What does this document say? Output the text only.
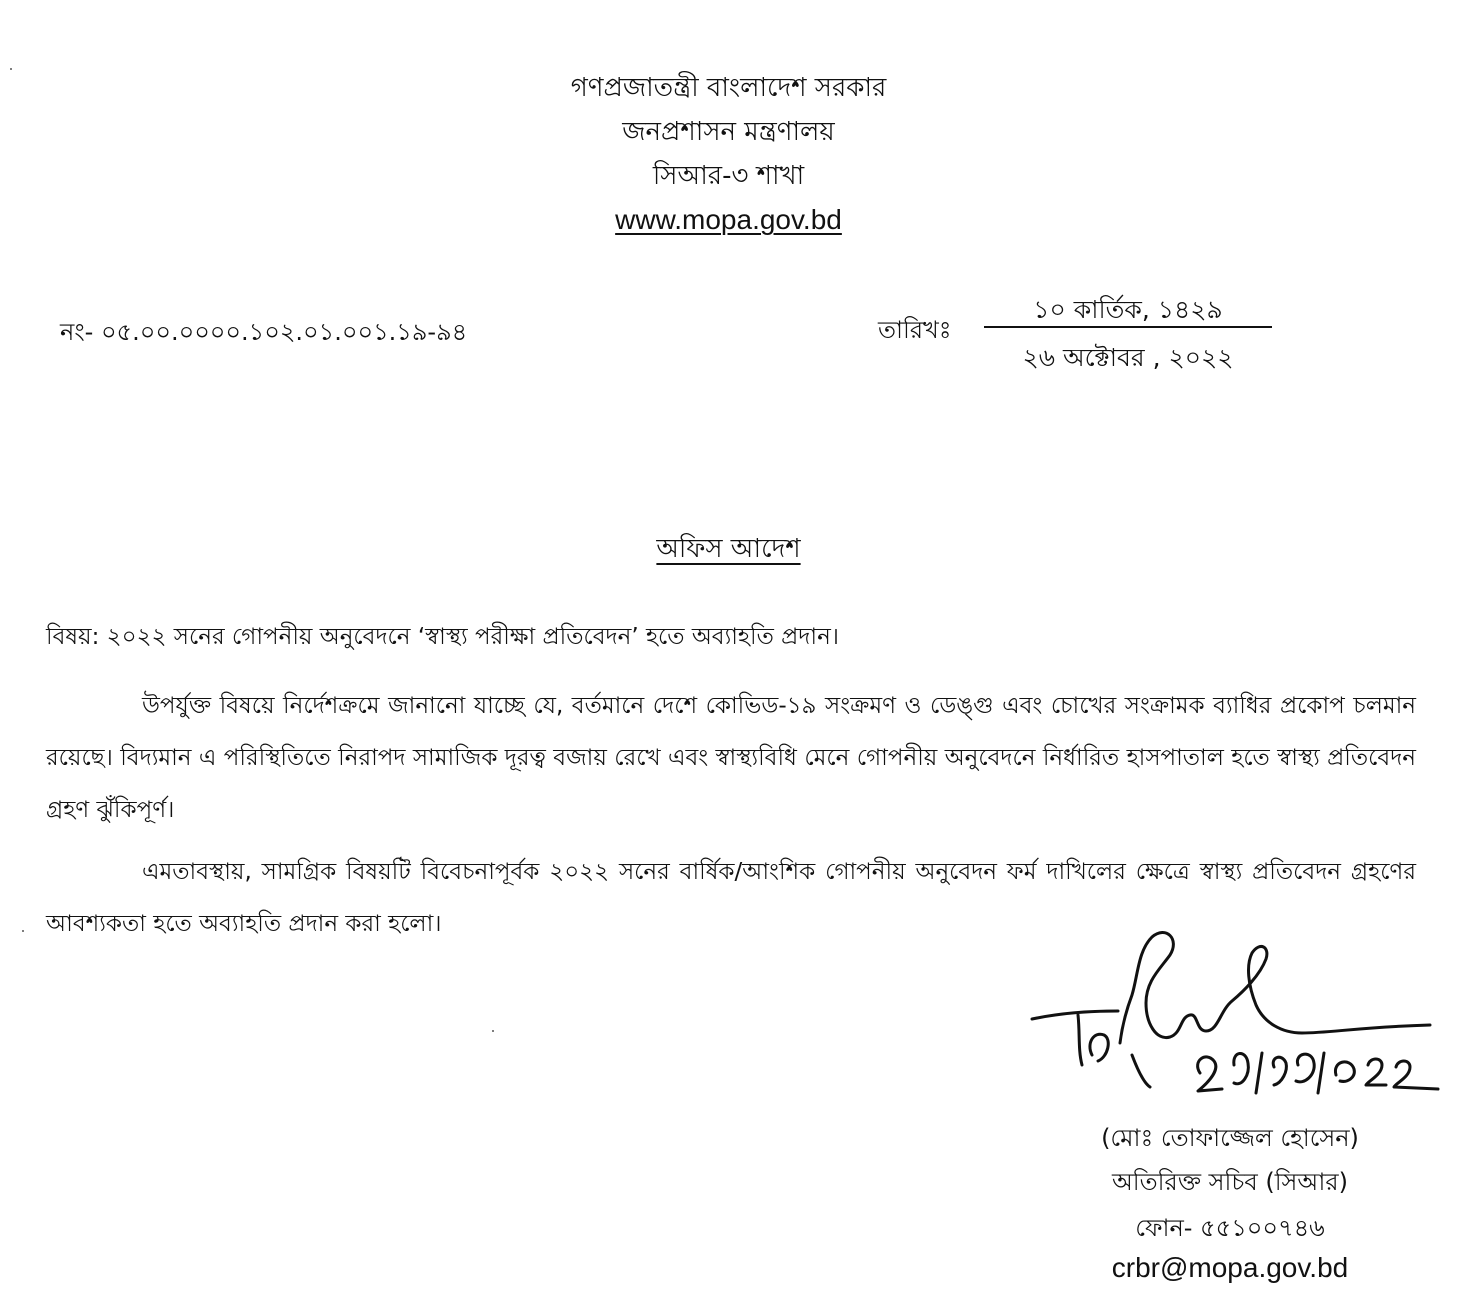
গণপ্রজাতন্ত্রী বাংলাদেশ সরকার
জনপ্রশাসন মন্ত্রণালয়
সিআর-৩ শাখা
www.mopa.gov.bd
নং- ০৫.০০.০০০০.১০২.০১.০০১.১৯-৯৪	তারিখঃ
১০ কার্তিক, ১৪২৯
২৬ অক্টোবর , ২০২২
অফিস আদেশ
বিষয়: ২০২২ সনের গোপনীয় অনুবেদনে ‘স্বাস্থ্য পরীক্ষা প্রতিবেদন’ হতে অব্যাহতি প্রদান।

উপর্যুক্ত বিষয়ে নির্দেশক্রমে জানানো যাচ্ছে যে, বর্তমানে দেশে কোভিড-১৯ সংক্রমণ ও ডেঙ্গু এবং চোখের সংক্রামক ব্যাধির প্রকোপ চলমান রয়েছে। বিদ্যমান এ পরিস্থিতিতে নিরাপদ সামাজিক দূরত্ব বজায় রেখে এবং স্বাস্থ্যবিধি মেনে গোপনীয় অনুবেদনে নির্ধারিত হাসপাতাল হতে স্বাস্থ্য প্রতিবেদন গ্রহণ ঝুঁকিপূর্ণ।

এমতাবস্থায়, সামগ্রিক বিষয়টি বিবেচনাপূর্বক ২০২২ সনের বার্ষিক/আংশিক গোপনীয় অনুবেদন ফর্ম দাখিলের ক্ষেত্রে স্বাস্থ্য প্রতিবেদন গ্রহণের আবশ্যকতা হতে অব্যাহতি প্রদান করা হলো।

(মোঃ তোফাজ্জেল হোসেন)
অতিরিক্ত সচিব (সিআর)
ফোন- ৫৫১০০৭৪৬
crbr@mopa.gov.bd
